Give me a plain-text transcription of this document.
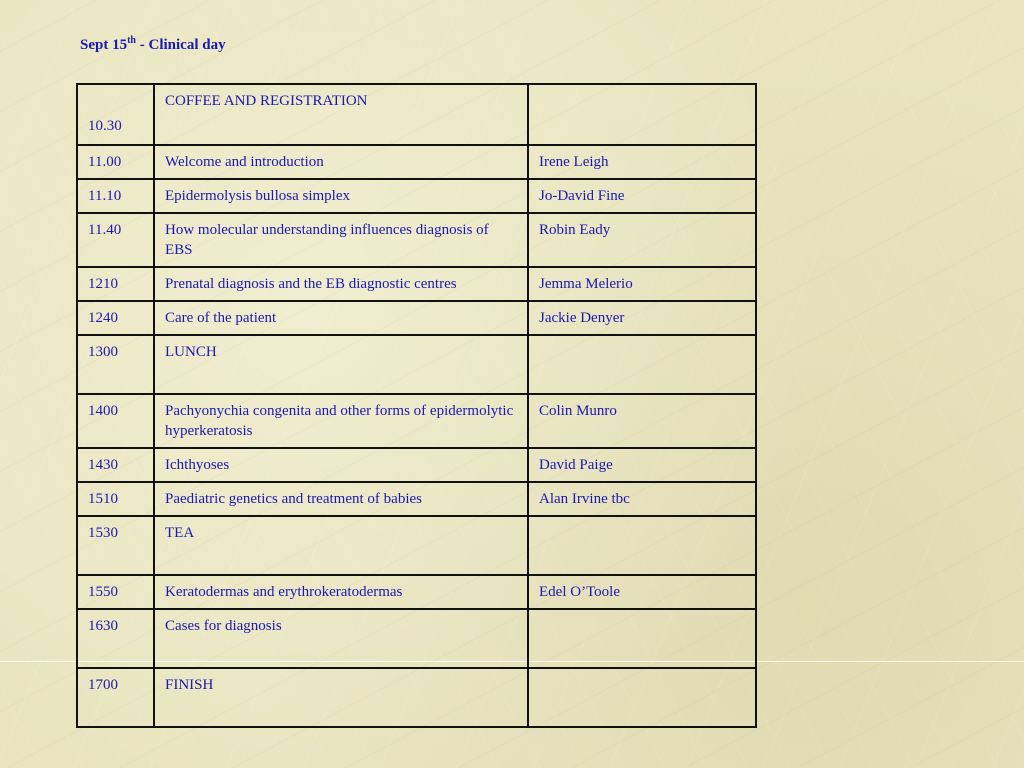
Sept 15th - Clinical day
10.30	COFFEE AND REGISTRATION	
11.00	Welcome and introduction	Irene Leigh
11.10	Epidermolysis bullosa simplex	Jo-David Fine
11.40	How molecular understanding influences diagnosis of EBS	Robin Eady
1210	Prenatal diagnosis and the EB diagnostic centres	Jemma Melerio
1240	Care of the patient	Jackie Denyer
1300	LUNCH	
1400	Pachyonychia congenita and other forms of epidermolytic hyperkeratosis	Colin Munro
1430	Ichthyoses	David Paige
1510	Paediatric genetics and treatment of babies	Alan Irvine tbc
1530	TEA	
1550	Keratodermas and erythrokeratodermas	Edel O’Toole
1630	Cases for diagnosis	
1700	FINISH	
